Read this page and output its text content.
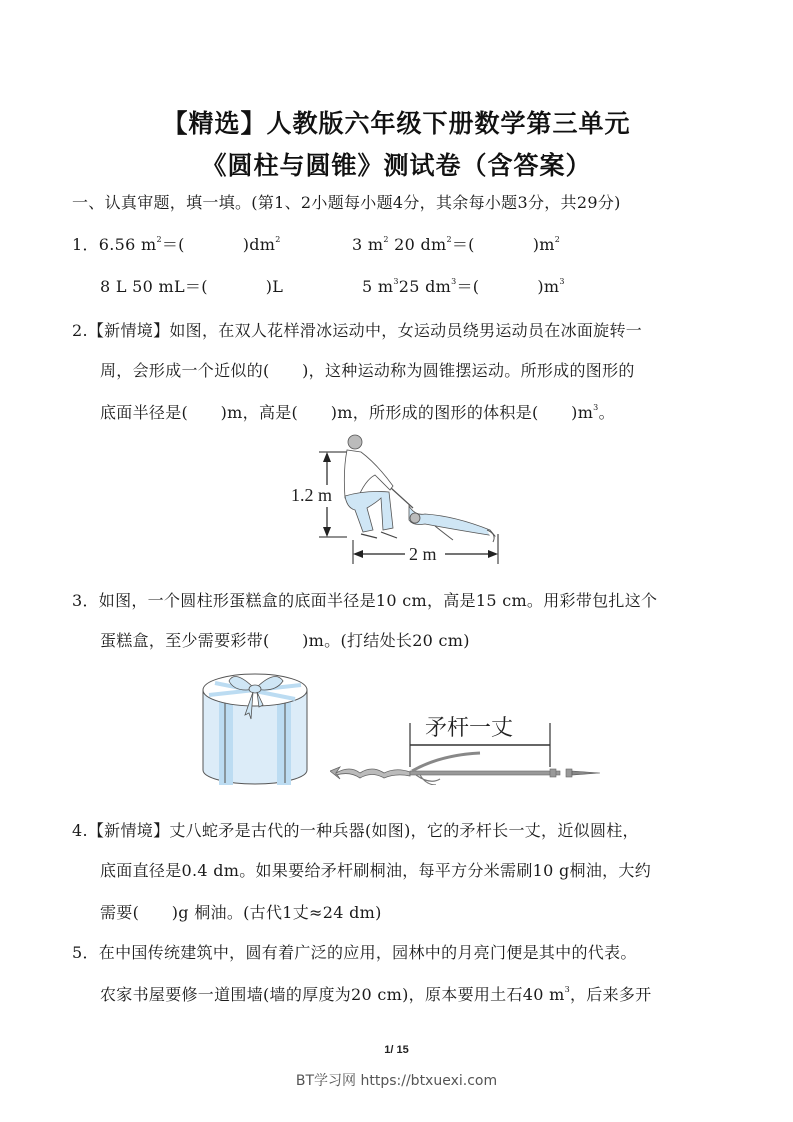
【精选】人教版六年级下册数学第三单元
《圆柱与圆锥》测试卷（含答案）
一、认真审题，填一填。(第1、2小题每小题4分，其余每小题3分，共29分)
1．6.56 $m^2=$(	)$dm^2$	3 $m^2$ 20 $dm^2=$(	)$m^2$
8 L 50 mL＝(	)L	5 $m^325$ $dm^3=$(	)$m^3$
2.【新情境】如图，在双人花样滑冰运动中，女运动员绕男运动员在冰面旋转一
周，会形成一个近似的(　　)，这种运动称为圆锥摆运动。所形成的图形的
底面半径是(　　)m，高是(　　)m，所形成的图形的体积是(　　)$m^3$。
1.2 m
2 m
3．如图，一个圆柱形蛋糕盒的底面半径是10 cm，高是15 cm。用彩带包扎这个
蛋糕盒，至少需要彩带(　　)m。(打结处长20 cm)
矛杆一丈
4.【新情境】丈八蛇矛是古代的一种兵器(如图)，它的矛杆长一丈，近似圆柱，
底面直径是0.4 dm。如果要给矛杆刷桐油，每平方分米需刷10 g桐油，大约
需要(　　)g 桐油。(古代1丈≈24 dm)
5．在中国传统建筑中，圆有着广泛的应用，园林中的月亮门便是其中的代表。
农家书屋要修一道围墙(墙的厚度为20 cm)，原本要用土石40 $m^3$，后来多开
1/ 15
BT学习网 https://btxuexi.com
